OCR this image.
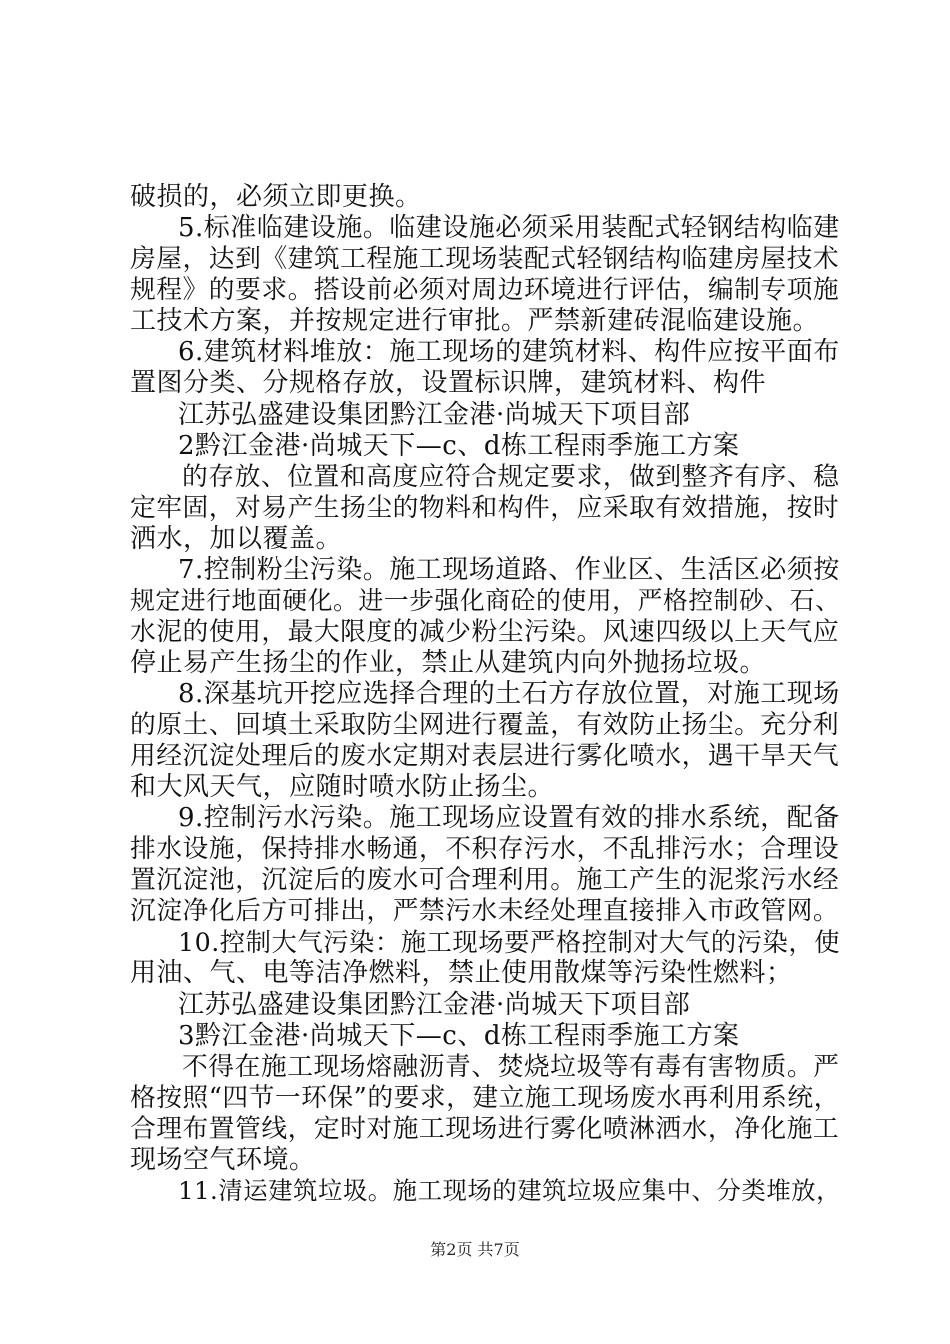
破损的，必须立即更换。
5.标准临建设施。临建设施必须采用装配式轻钢结构临建
房屋，达到《建筑工程施工现场装配式轻钢结构临建房屋技术
规程》的要求。搭设前必须对周边环境进行评估，编制专项施
工技术方案，并按规定进行审批。严禁新建砖混临建设施。
6.建筑材料堆放：施工现场的建筑材料、构件应按平面布
置图分类、分规格存放，设置标识牌，建筑材料、构件
江苏弘盛建设集团黔江金港·尚城天下项目部
2黔江金港·尚城天下—c、d栋工程雨季施工方案
的存放、位置和高度应符合规定要求，做到整齐有序、稳
定牢固，对易产生扬尘的物料和构件，应采取有效措施，按时
洒水，加以覆盖。
7.控制粉尘污染。施工现场道路、作业区、生活区必须按
规定进行地面硬化。进一步强化商砼的使用，严格控制砂、石、
水泥的使用，最大限度的减少粉尘污染。风速四级以上天气应
停止易产生扬尘的作业，禁止从建筑内向外抛扬垃圾。
8.深基坑开挖应选择合理的土石方存放位置，对施工现场
的原土、回填土采取防尘网进行覆盖，有效防止扬尘。充分利
用经沉淀处理后的废水定期对表层进行雾化喷水，遇干旱天气
和大风天气，应随时喷水防止扬尘。
9.控制污水污染。施工现场应设置有效的排水系统，配备
排水设施，保持排水畅通，不积存污水，不乱排污水；合理设
置沉淀池，沉淀后的废水可合理利用。施工产生的泥浆污水经
沉淀净化后方可排出，严禁污水未经处理直接排入市政管网。
10.控制大气污染：施工现场要严格控制对大气的污染，使
用油、气、电等洁净燃料，禁止使用散煤等污染性燃料；
江苏弘盛建设集团黔江金港·尚城天下项目部
3黔江金港·尚城天下—c、d栋工程雨季施工方案
不得在施工现场熔融沥青、焚烧垃圾等有毒有害物质。严
格按照“四节一环保”的要求，建立施工现场废水再利用系统，
合理布置管线，定时对施工现场进行雾化喷淋洒水，净化施工
现场空气环境。
11.清运建筑垃圾。施工现场的建筑垃圾应集中、分类堆放，
第2页 共7页
